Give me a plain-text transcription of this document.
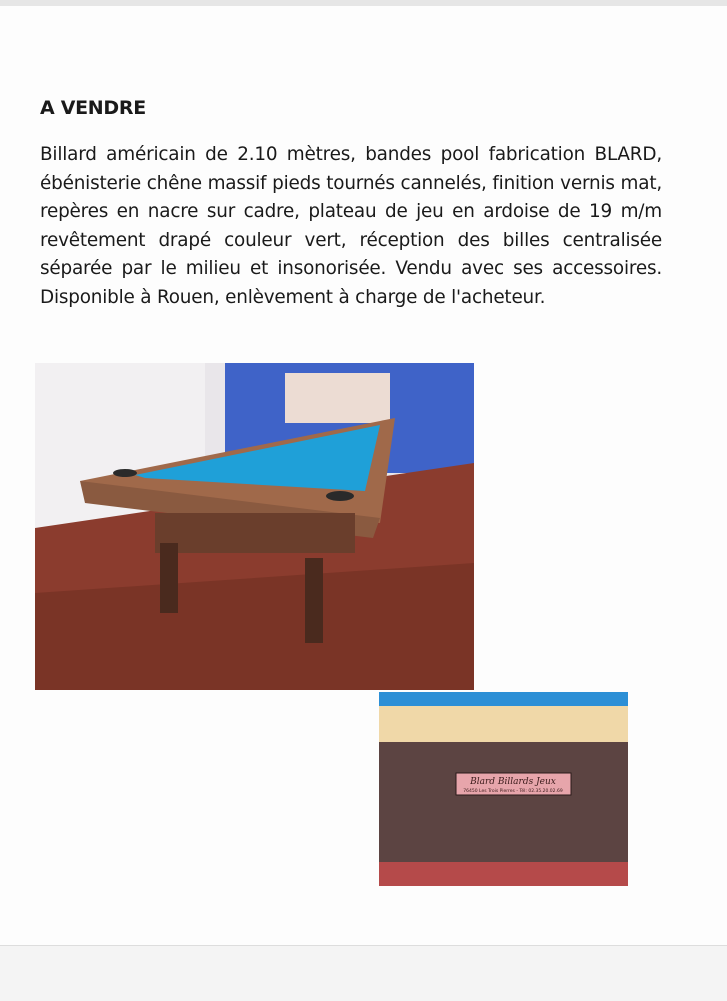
A VENDRE
Billard américain de 2.10 mètres, bandes pool fabrication BLARD, ébénisterie chêne massif pieds tournés cannelés, finition vernis mat, repères en nacre sur cadre, plateau de jeu en ardoise de 19 m/m revêtement drapé couleur vert, réception des billes centralisée séparée par le milieu et insonorisée. Vendu avec ses accessoires. Disponible à Rouen, enlèvement à charge de l'acheteur.
Blard Billards Jeux
76450 Les Trois Pierres - Tél: 02.35.20.02.69
